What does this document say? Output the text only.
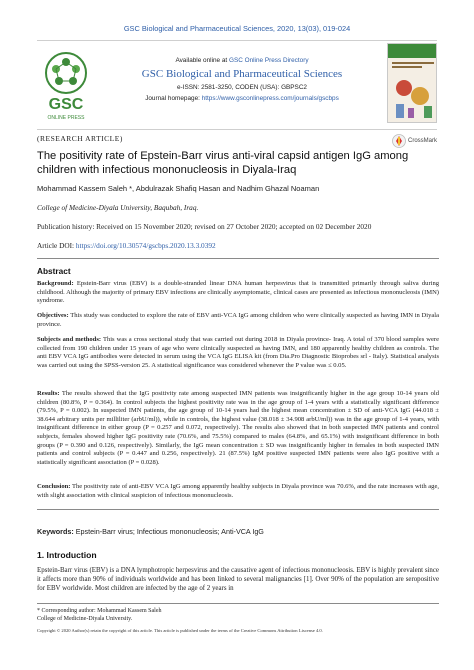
GSC Biological and Pharmaceutical Sciences, 2020, 13(03), 019-024
GSC
ONLINE PRESS
Available online at GSC Online Press Directory
GSC Biological and Pharmaceutical Sciences
e-ISSN: 2581-3250, CODEN (USA): GBPSC2
Journal homepage: https://www.gsconlinepress.com/journals/gscbps
(RESEARCH ARTICLE)	CrossMark
The positivity rate of Epstein-Barr virus anti-viral capsid antigen IgG among children with infectious mononucleosis in Diyala-Iraq
Mohammad Kassem Saleh *, Abdulrazak Shafiq Hasan and Nadhim Ghazal Noaman
College of Medicine-Diyala University, Baqubah, Iraq.
Publication history: Received on 15 November 2020; revised on 27 October 2020; accepted on 02 December 2020
Article DOI: https://doi.org/10.30574/gscbps.2020.13.3.0392
Abstract
Background: Epstein-Barr virus (EBV) is a double-stranded linear DNA human herpesvirus that is transmitted primarily through saliva during childhood. Although the majority of primary EBV infections are clinically asymptomatic, clinical cases are presented as infectious mononucleosis (IMN) syndrome.
Objectives: This study was conducted to explore the rate of EBV anti-VCA IgG among children who were clinically suspected as having IMN in Diyala province.
Subjects and methods: This was a cross sectional study that was carried out during 2018 in Diyala province- Iraq. A total of 370 blood samples were collected from 190 children under 15 years of age who were clinically suspected as having IMN, and 180 apparently healthy children as controls. The anti EBV VCA IgG antibodies were detected in serum using the VCA IgG ELISA kit (from Dia.Pro Diagnostic Bioprobes srl - Italy). Statistical analysis was carried out using the SPSS-version 25. A statistical significance was considered whenever the P value was ≤ 0.05.
Results: The results showed that the IgG positivity rate among suspected IMN patients was insignificantly higher in the age group 10-14 years old children (80.8%, P = 0.364). In control subjects the highest positivity rate was in the age group of 1-4 years with a statistically significant difference (79.5%, P = 0.002). In suspected IMN patients, the age group of 10-14 years had the highest mean concentration ± SD of anti-VCA IgG (44.018 ± 38.644 arbitrary units per milliliter (arbU/ml)), while in controls, the highest value (38.018 ± 34.908 arbU/ml)) was in the age group of 1-4 years, with insignificant difference in either group (P = 0.257 and 0.072, respectively). The results also showed that in both suspected IMN patients and control subjects, females showed higher IgG positivity rate (70.6%, and 75.5%) compared to males (64.8%, and 65.1%) with insignificant difference in both groups (P = 0.390 and 0.126, respectively). Similarly, the IgG mean concentration ± SD was insignificantly higher in females in both suspected IMN patients and control subjects (P = 0.447 and 0.256, respectively). 21 (87.5%) IgM positive suspected IMN patients were also IgG positive with a statistically significant association (P = 0.028).
Conclusion: The positivity rate of anti-EBV VCA IgG among apparently healthy subjects in Diyala province was 70.6%, and the rate increases with age, with slight association with clinical suspicion of infectious mononucleosis.
Keywords: Epstein-Barr virus; Infectious mononucleosis; Anti-VCA IgG
1. Introduction
Epstein-Barr virus (EBV) is a DNA lymphotropic herpesvirus and the causative agent of infectious mononucleosis. EBV is highly prevalent since it affects more than 90% of individuals worldwide and has been linked to several malignancies [1]. Over 90% of the population are seropositive for EBV worldwide. Most children are infected by the age of 2 years in
* Corresponding author: Mohammad Kassem Saleh
College of Medicine-Diyala University.
Copyright © 2020 Author(s) retain the copyright of this article. This article is published under the terms of the Creative Commons Attribution Liscense 4.0.
